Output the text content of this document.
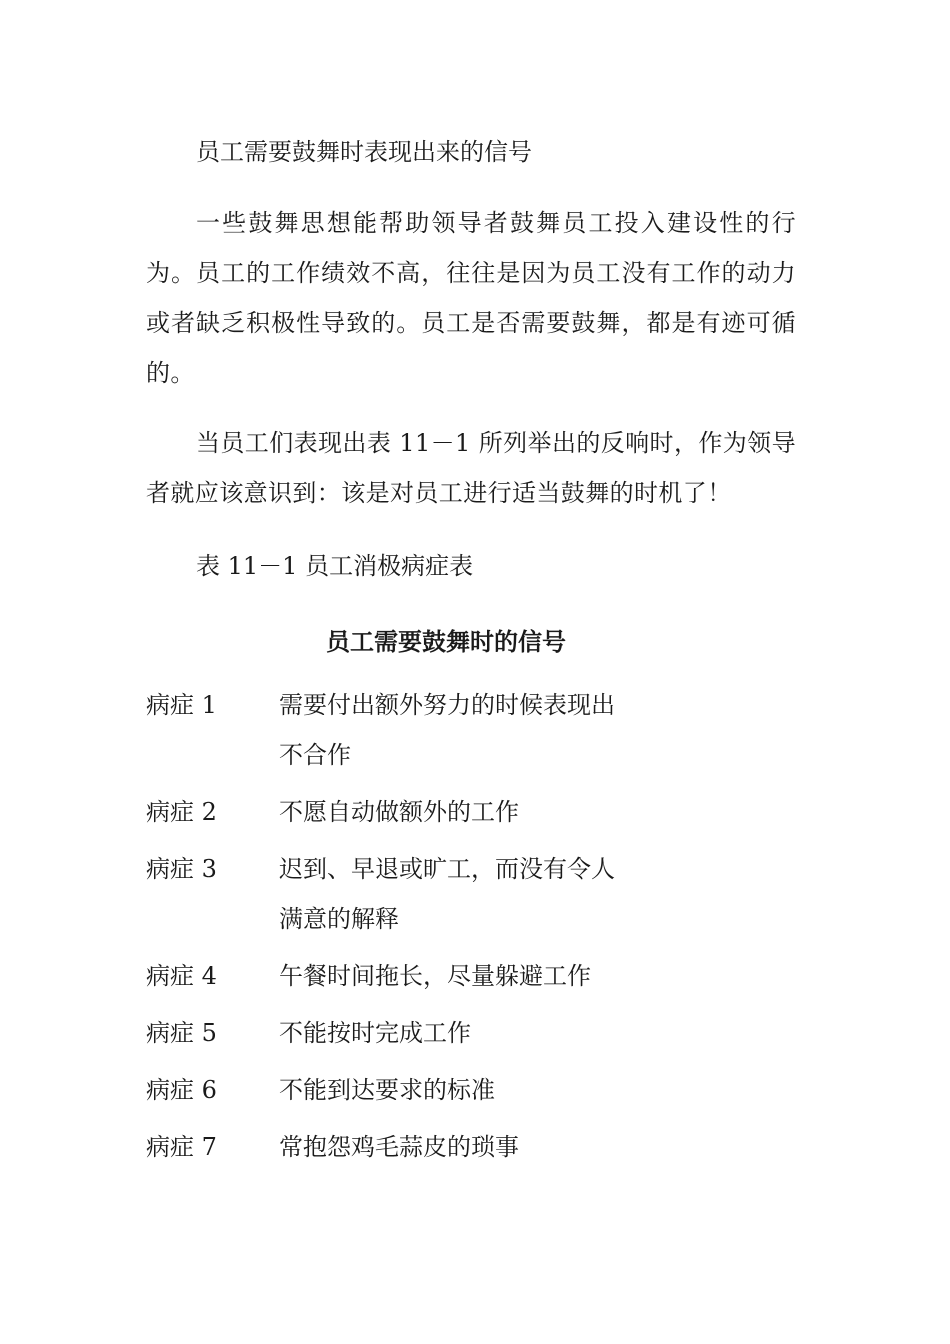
员工需要鼓舞时表现出来的信号

一些鼓舞思想能帮助领导者鼓舞员工投入建设性的行为。员工的工作绩效不高，往往是因为员工没有工作的动力或者缺乏积极性导致的。员工是否需要鼓舞，都是有迹可循的。

当员工们表现出表 11－1 所列举出的反响时，作为领导者就应该意识到：该是对员工进行适当鼓舞的时机了！

表 11－1 员工消极病症表

员工需要鼓舞时的信号
病症 1	需要付出额外努力的时候表现出不合作
病症 2	不愿自动做额外的工作
病症 3	迟到、早退或旷工，而没有令人满意的解释
病症 4	午餐时间拖长，尽量躲避工作
病症 5	不能按时完成工作
病症 6	不能到达要求的标准
病症 7	常抱怨鸡毛蒜皮的琐事
